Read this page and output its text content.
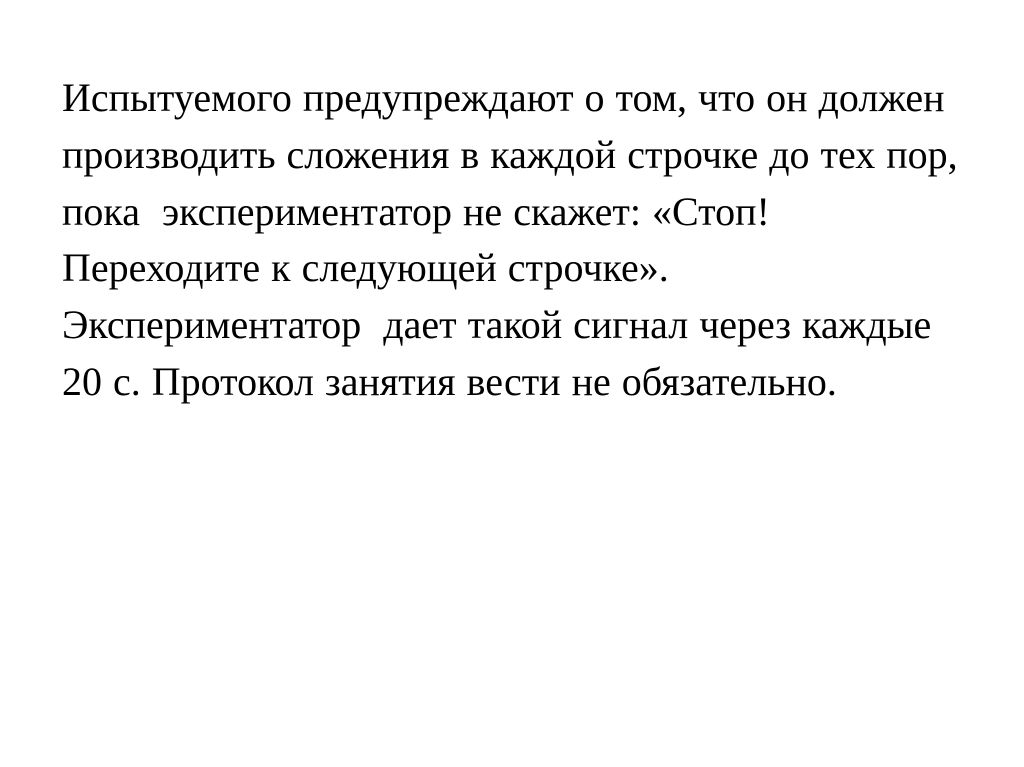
Испытуемого предупреждают о том, что он должен производить сложения в каждой строчке до тех пор, пока  экспериментатор не скажет: «Стоп! Переходите к следующей строчке». Экспериментатор  дает такой сигнал через каждые 20 с. Протокол занятия вести не обязательно.
